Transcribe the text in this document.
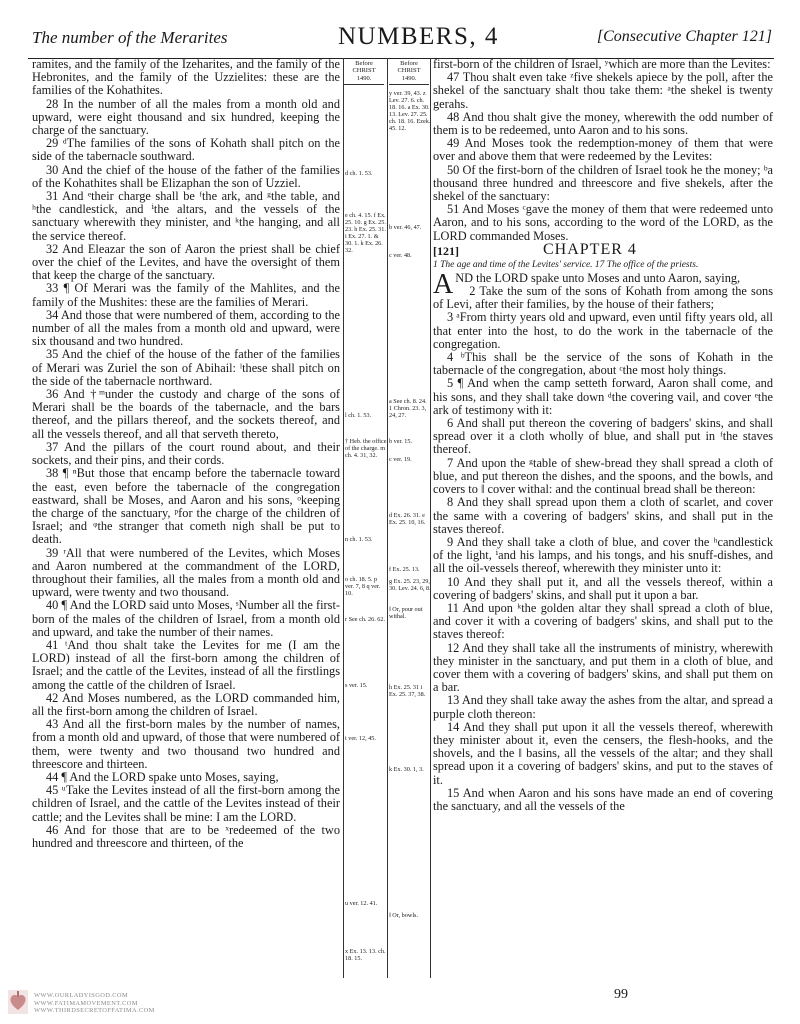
The number of the Merarites	NUMBERS, 4	[Consecutive Chapter 121]
Before CHRIST
1490.
Before CHRIST
1490.

ramites, and the family of the Izeharites, and the family of the Hebronites, and the family of the Uzzielites: these are the families of the Kohathites.

28 In the number of all the males from a month old and upward, were eight thousand and six hundred, keeping the charge of the sanctuary.

29 ᵈThe families of the sons of Kohath shall pitch on the side of the tabernacle southward.

30 And the chief of the house of the father of the families of the Kohathites shall be Elizaphan the son of Uzziel.

31 And ᵉtheir charge shall be ᶠthe ark, and ᵍthe table, and ʰthe candlestick, and ⁱthe altars, and the vessels of the sanctuary wherewith they minister, and ᵏthe hanging, and all the service thereof.

32 And Eleazar the son of Aaron the priest shall be chief over the chief of the Levites, and have the oversight of them that keep the charge of the sanctuary.

33 ¶ Of Merari was the family of the Mahlites, and the family of the Mushites: these are the families of Merari.

34 And those that were numbered of them, according to the number of all the males from a month old and upward, were six thousand and two hundred.

35 And the chief of the house of the father of the families of Merari was Zuriel the son of Abihail: ˡthese shall pitch on the side of the tabernacle northward.

36 And †ᵐunder the custody and charge of the sons of Merari shall be the boards of the tabernacle, and the bars thereof, and the pillars thereof, and the sockets thereof, and all the vessels thereof, and all that serveth thereto,

37 And the pillars of the court round about, and their sockets, and their pins, and their cords.

38 ¶ ⁿBut those that encamp before the tabernacle toward the east, even before the tabernacle of the congregation eastward, shall be Moses, and Aaron and his sons, ᵒkeeping the charge of the sanctuary, ᵖfor the charge of the children of Israel; and ᵠthe stranger that cometh nigh shall be put to death.

39 ʳAll that were numbered of the Levites, which Moses and Aaron numbered at the commandment of the LORD, throughout their families, all the males from a month old and upward, were twenty and two thousand.

40 ¶ And the LORD said unto Moses, ˢNumber all the first-born of the males of the children of Israel, from a month old and upward, and take the number of their names.

41 ᵗAnd thou shalt take the Levites for me (I am the LORD) instead of all the first-born among the children of Israel; and the cattle of the Levites, instead of all the firstlings among the cattle of the children of Israel.

42 And Moses numbered, as the LORD commanded him, all the first-born among the children of Israel.

43 And all the first-born males by the number of names, from a month old and upward, of those that were numbered of them, were twenty and two thousand two hundred and threescore and thirteen.

44 ¶ And the LORD spake unto Moses, saying,

45 ᵘTake the Levites instead of all the first-born among the children of Israel, and the cattle of the Levites instead of their cattle; and the Levites shall be mine: I am the LORD.

46 And for those that are to be ˣredeemed of the two hundred and threescore and thirteen, of the

d ch. 1. 53.
e ch. 4. 15. f Ex. 25. 10. g Ex. 25. 23. h Ex. 25. 31. i Ex. 27. 1. & 30. 1. k Ex. 26. 32.
l ch. 1. 53.
† Heb. the office of the charge. m ch. 4. 31, 32.
n ch. 1. 53.
o ch. 18. 5. p ver. 7, 8 q ver. 10.
r See ch. 26. 62.
s ver. 15.
t ver. 12, 45.
u ver. 12. 41.
x Ex. 13. 13. ch. 18. 15.
y ver. 39, 43. z Lev. 27. 6. ch. 18. 16. a Ex. 30. 13. Lev. 27. 25. ch. 18. 16. Ezek. 45. 12.
b ver. 46, 47.
c ver. 48.
a See ch. 8. 24. 1 Chron. 23. 3, 24, 27.
b ver. 15.
c ver. 19.
d Ex. 26. 31. e Ex. 25. 10, 16.
f Ex. 25. 13.
g Ex. 25. 23, 29, 30. Lev. 24. 6, 8.
‖ Or, pour out withal.
h Ex. 25. 31 i Ex. 25. 37, 38.
k Ex. 30. 1, 3.
‖ Or, bowls.

first-born of the children of Israel, ʸwhich are more than the Levites:

47 Thou shalt even take ᶻfive shekels apiece by the poll, after the shekel of the sanctuary shalt thou take them: ᵃthe shekel is twenty gerahs.

48 And thou shalt give the money, wherewith the odd number of them is to be redeemed, unto Aaron and to his sons.

49 And Moses took the redemption-money of them that were over and above them that were redeemed by the Levites:

50 Of the first-born of the children of Israel took he the money; ᵇa thousand three hundred and threescore and five shekels, after the shekel of the sanctuary:

51 And Moses ᶜgave the money of them that were redeemed unto Aaron, and to his sons, according to the word of the LORD, as the LORD commanded Moses.

[121]	CHAPTER 4

1 The age and time of the Levites' service. 17 The office of the priests.

AND the LORD spake unto Moses and unto Aaron, saying,

2 Take the sum of the sons of Kohath from among the sons of Levi, after their families, by the house of their fathers;

3 ᵃFrom thirty years old and upward, even until fifty years old, all that enter into the host, to do the work in the tabernacle of the congregation.

4 ᵇThis shall be the service of the sons of Kohath in the tabernacle of the congregation, about ᶜthe most holy things.

5 ¶ And when the camp setteth forward, Aaron shall come, and his sons, and they shall take down ᵈthe covering vail, and cover ᵉthe ark of testimony with it:

6 And shall put thereon the covering of badgers' skins, and shall spread over it a cloth wholly of blue, and shall put in ᶠthe staves thereof.

7 And upon the ᵍtable of shew-bread they shall spread a cloth of blue, and put thereon the dishes, and the spoons, and the bowls, and covers to ‖ cover withal: and the continual bread shall be thereon:

8 And they shall spread upon them a cloth of scarlet, and cover the same with a covering of badgers' skins, and shall put in the staves thereof.

9 And they shall take a cloth of blue, and cover the ʰcandlestick of the light, ⁱand his lamps, and his tongs, and his snuff-dishes, and all the oil-vessels thereof, wherewith they minister unto it:

10 And they shall put it, and all the vessels thereof, within a covering of badgers' skins, and shall put it upon a bar.

11 And upon ᵏthe golden altar they shall spread a cloth of blue, and cover it with a covering of badgers' skins, and shall put to the staves thereof:

12 And they shall take all the instruments of ministry, wherewith they minister in the sanctuary, and put them in a cloth of blue, and cover them with a covering of badgers' skins, and shall put them on a bar.

13 And they shall take away the ashes from the altar, and spread a purple cloth thereon:

14 And they shall put upon it all the vessels thereof, wherewith they minister about it, even the censers, the flesh-hooks, and the shovels, and the ‖ basins, all the vessels of the altar; and they shall spread upon it a covering of badgers' skins, and put to the staves of it.

15 And when Aaron and his sons have made an end of covering the sanctuary, and all the vessels of the

99
WWW.OURLADYISGOD.COM
WWW.FATIMAMOVEMENT.COM
WWW.THIRDSECRETOFFATIMA.COM
